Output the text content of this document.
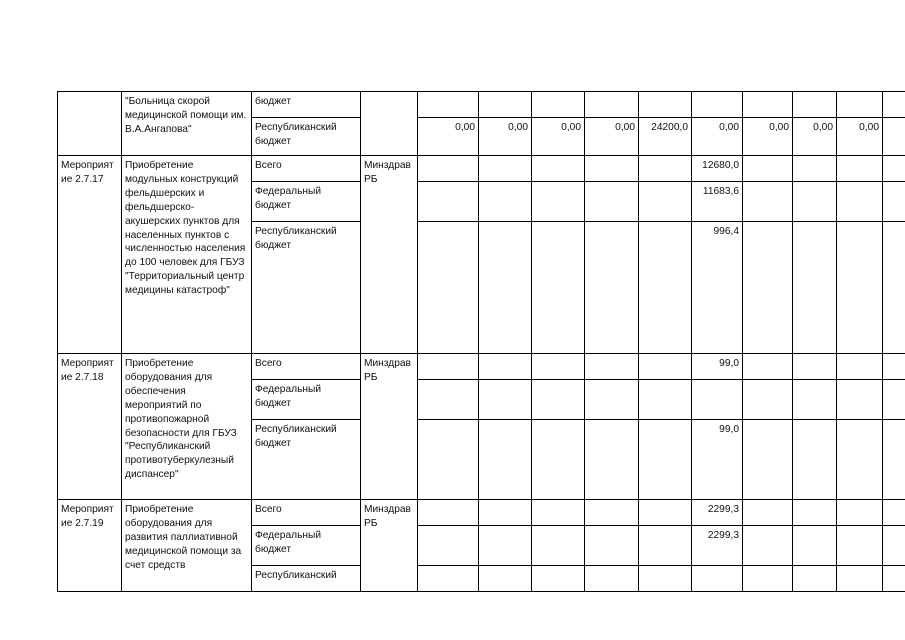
	"Больница скорой медицинской помощи им. В.А.Ангапова"	бюджет												
		Республиканский бюджет		0,00	0,00	0,00	0,00	24200,0	0,00	0,00	0,00	0,00		
Мероприятие 2.7.17	Приобретение модульных конструкций фельдшерских и фельдшерско-акушерских пунктов для населенных пунктов с численностью населения до 100 человек для ГБУЗ "Территориальный центр медицины катастроф"	Всего	Минздрав РБ						12680,0					
		Федеральный бюджет							11683,6					
		Республиканский бюджет							996,4					
Мероприятие 2.7.18	Приобретение оборудования для обеспечения мероприятий по противопожарной безопасности для ГБУЗ "Республиканский противотуберкулезный диспансер"	Всего	Минздрав РБ						99,0					
		Федеральный бюджет												
		Республиканский бюджет							99,0					
Мероприятие 2.7.19	Приобретение оборудования для развития паллиативной медицинской помощи за счет средств	Всего	Минздрав РБ						2299,3					
		Федеральный бюджет							2299,3					
		Республиканский												
